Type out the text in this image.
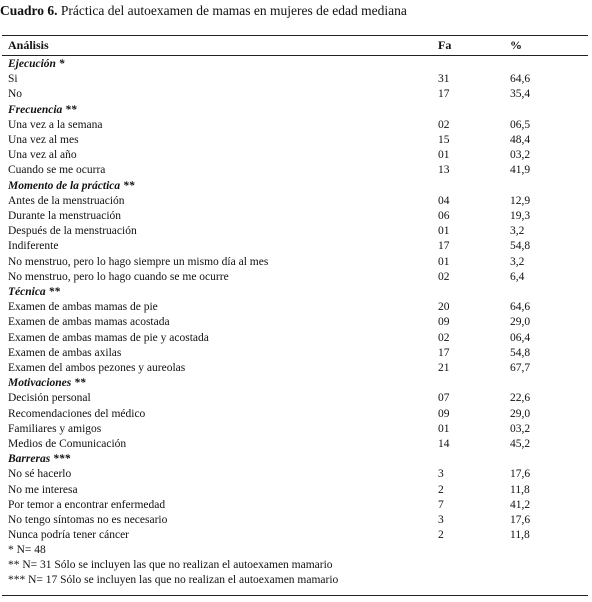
Cuadro 6. Práctica del autoexamen de mamas en mujeres de edad mediana
Análisis	Fa	%
Ejecución *
Si	31	64,6
No	17	35,4
Frecuencia **
Una vez a la semana	02	06,5
Una vez al mes	15	48,4
Una vez al año	01	03,2
Cuando se me ocurra	13	41,9
Momento de la práctica **
Antes de la menstruación	04	12,9
Durante la menstruación	06	19,3
Después de la menstruación	01	3,2
Indiferente	17	54,8
No menstruo, pero lo hago siempre un mismo día al mes	01	3,2
No menstruo, pero lo hago cuando se me ocurre	02	6,4
Técnica **
Examen de ambas mamas de pie	20	64,6
Examen de ambas mamas acostada	09	29,0
Examen de ambas mamas de pie y acostada	02	06,4
Examen de ambas axilas	17	54,8
Examen del ambos pezones y aureolas	21	67,7
Motivaciones **
Decisión personal	07	22,6
Recomendaciones del médico	09	29,0
Familiares y amigos	01	03,2
Medios de Comunicación	14	45,2
Barreras ***
No sé hacerlo	3	17,6
No me interesa	2	11,8
Por temor a encontrar enfermedad	7	41,2
No tengo síntomas no es necesario	3	17,6
Nunca podría tener cáncer	2	11,8
* N= 48
** N= 31 Sólo se incluyen las que no realizan el autoexamen mamario
*** N= 17 Sólo se incluyen las que no realizan el autoexamen mamario
